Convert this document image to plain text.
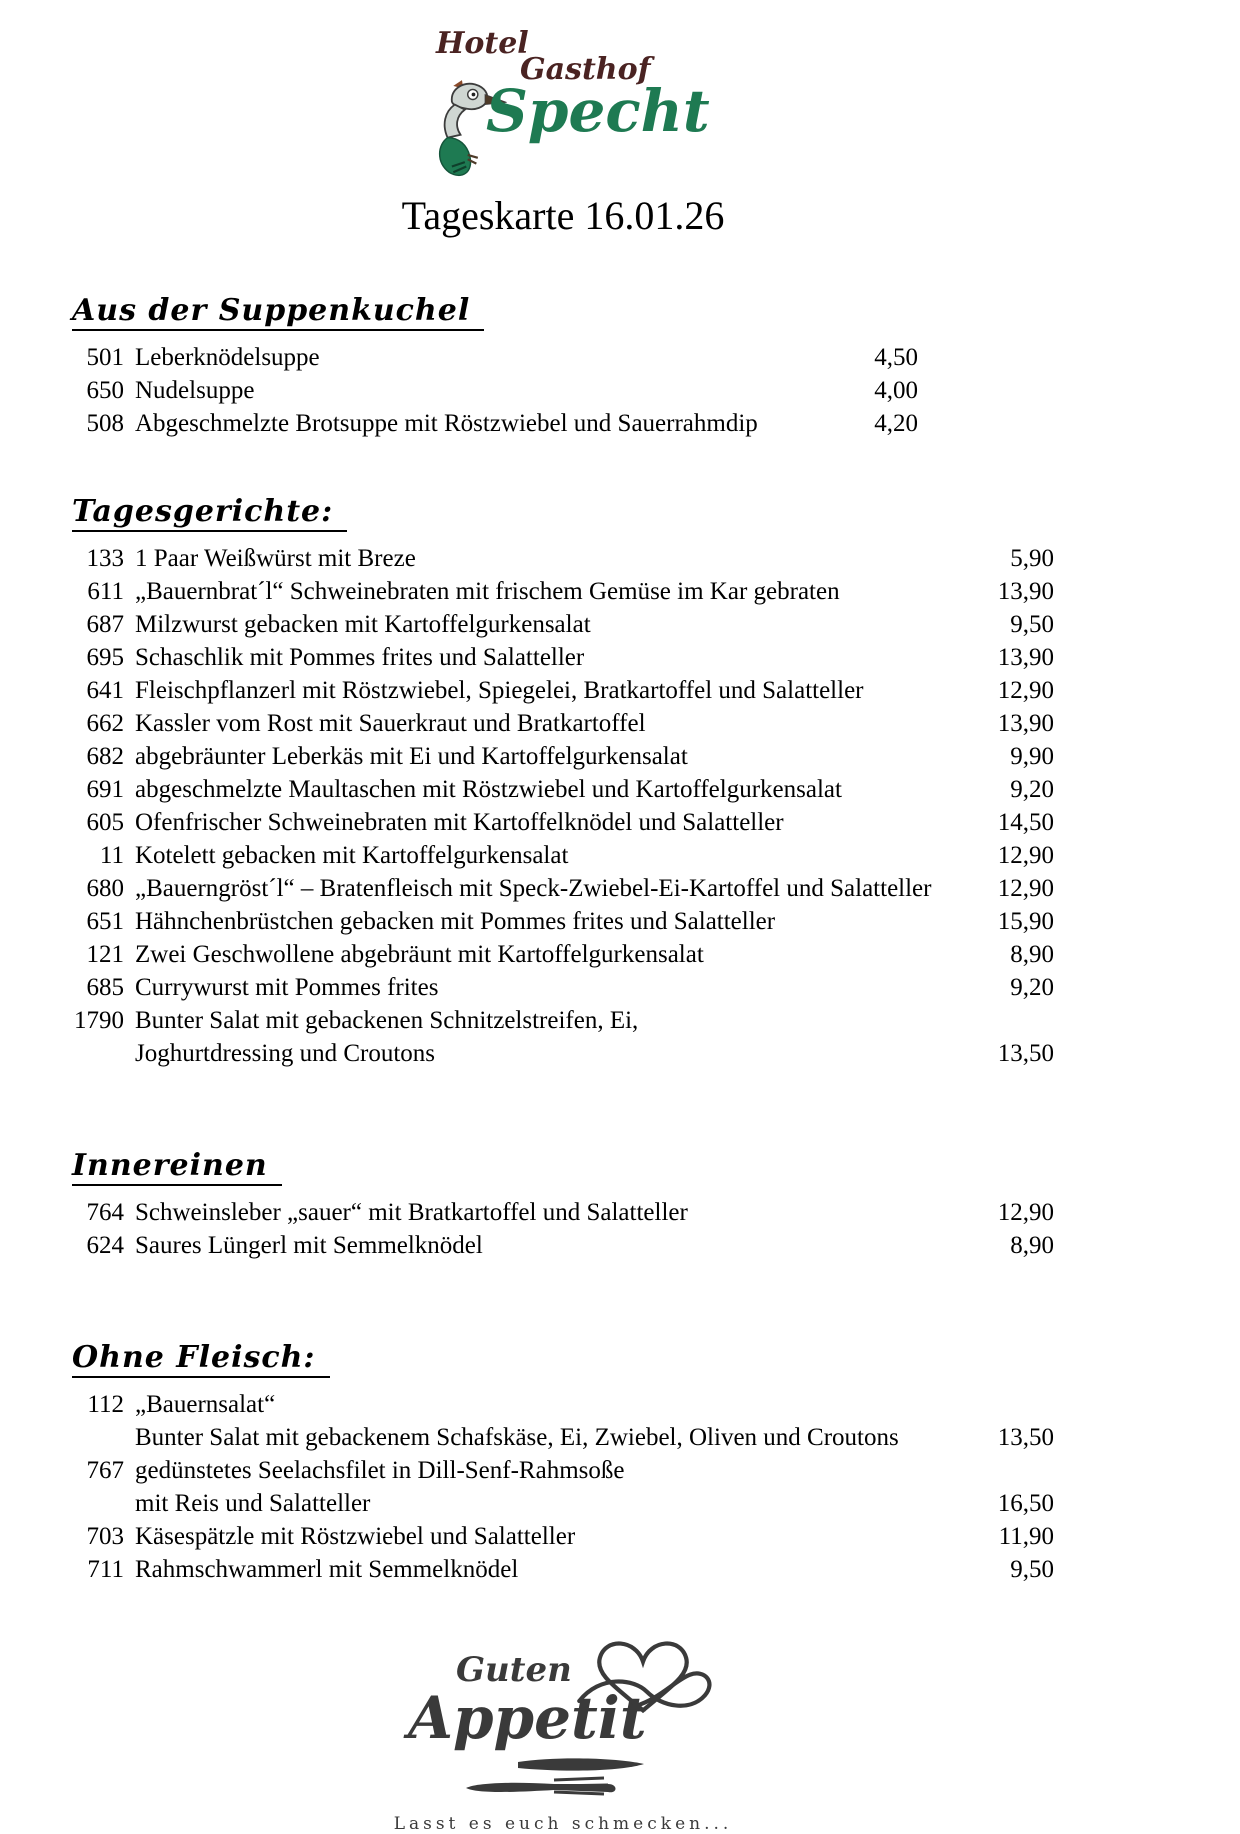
Hotel
Gasthof
Specht
Tageskarte 16.01.26
Aus der Suppenkuchel
501 Leberknödelsuppe	4,50
650 Nudelsuppe	4,00
508 Abgeschmelzte Brotsuppe mit Röstzwiebel und Sauerrahmdip	4,20
Tagesgerichte:
133 1 Paar Weißwürst mit Breze	5,90
611 „Bauernbrat´l“ Schweinebraten mit frischem Gemüse im Kar gebraten	13,90
687 Milzwurst gebacken mit Kartoffelgurkensalat	9,50
695 Schaschlik mit Pommes frites und Salatteller	13,90
641 Fleischpflanzerl mit Röstzwiebel, Spiegelei, Bratkartoffel und Salatteller	12,90
662 Kassler vom Rost mit Sauerkraut und Bratkartoffel	13,90
682 abgebräunter Leberkäs mit Ei und Kartoffelgurkensalat	9,90
691 abgeschmelzte Maultaschen mit Röstzwiebel und Kartoffelgurkensalat	9,20
605 Ofenfrischer Schweinebraten mit Kartoffelknödel und Salatteller	14,50
11 Kotelett gebacken mit Kartoffelgurkensalat	12,90
680 „Bauerngröst´l“ – Bratenfleisch mit Speck-Zwiebel-Ei-Kartoffel und Salatteller	12,90
651 Hähnchenbrüstchen gebacken mit Pommes frites und Salatteller	15,90
121 Zwei Geschwollene abgebräunt mit Kartoffelgurkensalat	8,90
685 Currywurst mit Pommes frites	9,20
1790 Bunter Salat mit gebackenen Schnitzelstreifen, Ei,
Joghurtdressing und Croutons	13,50
Innereinen
764 Schweinsleber „sauer“ mit Bratkartoffel und Salatteller	12,90
624 Saures Lüngerl mit Semmelknödel	8,90
Ohne Fleisch:
112 „Bauernsalat“
Bunter Salat mit gebackenem Schafskäse, Ei, Zwiebel, Oliven und Croutons	13,50
767 gedünstetes Seelachsfilet in Dill-Senf-Rahmsoße
mit Reis und Salatteller	16,50
703 Käsespätzle mit Röstzwiebel und Salatteller	11,90
711 Rahmschwammerl mit Semmelknödel	9,50
Guten
Appetit
Lasst es euch schmecken...
